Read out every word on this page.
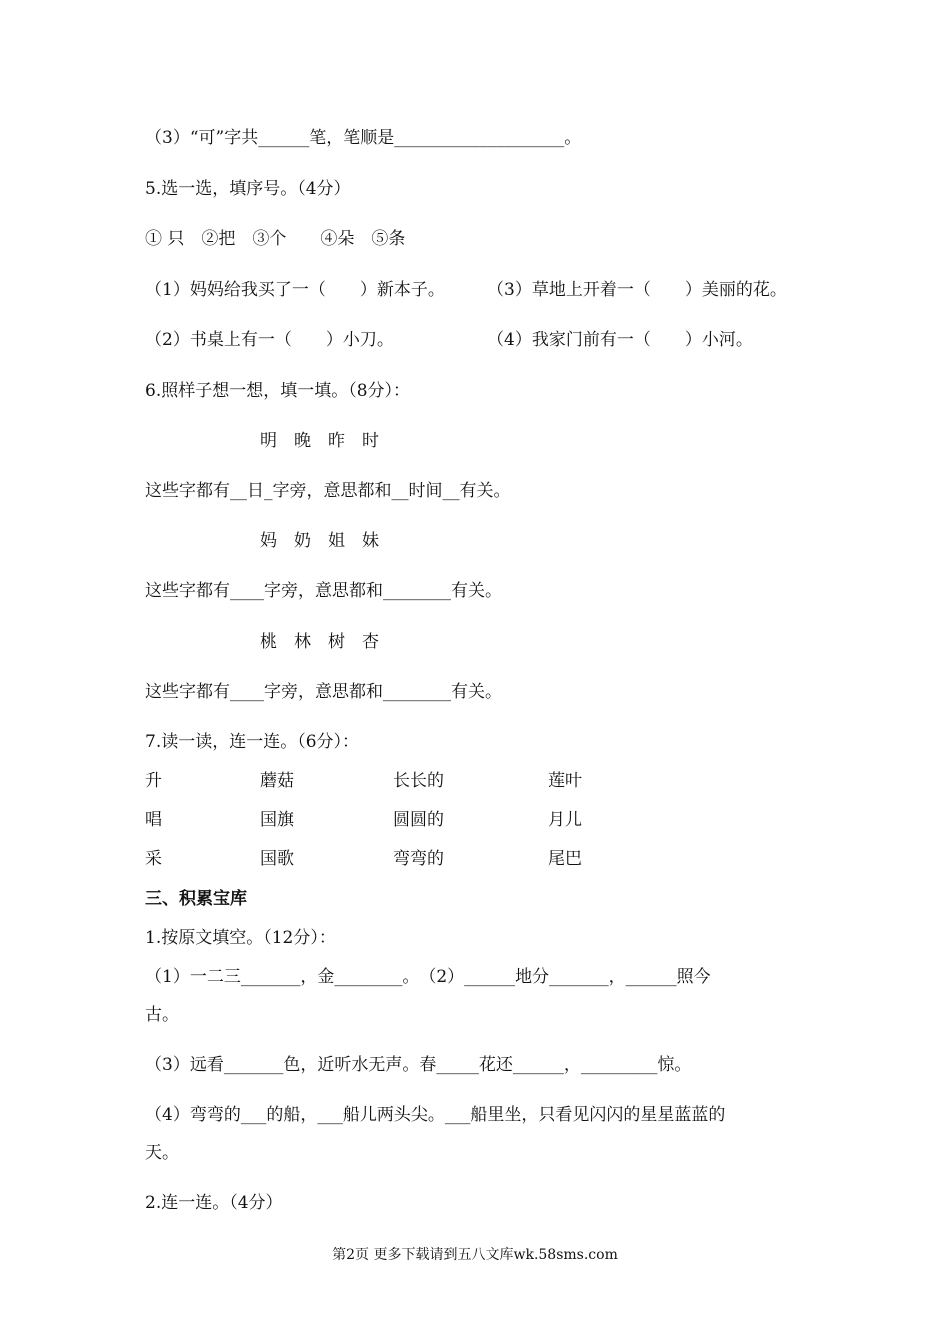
（3）“可”字共______笔，笔顺是____________________。
5.选一选，填序号。（4分）
① 只　②把　③个　　④朵　⑤条
（1）妈妈给我买了一（　　）新本子。 （3）草地上开着一（　　）美丽的花。
（2）书桌上有一（　　）小刀。	（4）我家门前有一（　　）小河。
6.照样子想一想，填一填。（8分）：
明　晚　昨　时
这些字都有__日_字旁，意思都和__时间__有关。
妈　奶　姐　妹
这些字都有____字旁，意思都和________有关。
桃　林　树　杏
这些字都有____字旁，意思都和________有关。
7.读一读，连一连。（6分）：
升	蘑菇	长长的	莲叶
唱	国旗	圆圆的	月儿
采	国歌	弯弯的	尾巴
三、积累宝库
1.按原文填空。（12分）：
（1）一二三_______，金________。　（2）______地分_______，______照今
古。
（3）远看_______色，近听水无声。春_____花还______，_________惊。
（4）弯弯的___的船，___船儿两头尖。___船里坐，只看见闪闪的星星蓝蓝的
天。
2.连一连。（4分）
第2页 更多下载请到五八文库wk.58sms.com
